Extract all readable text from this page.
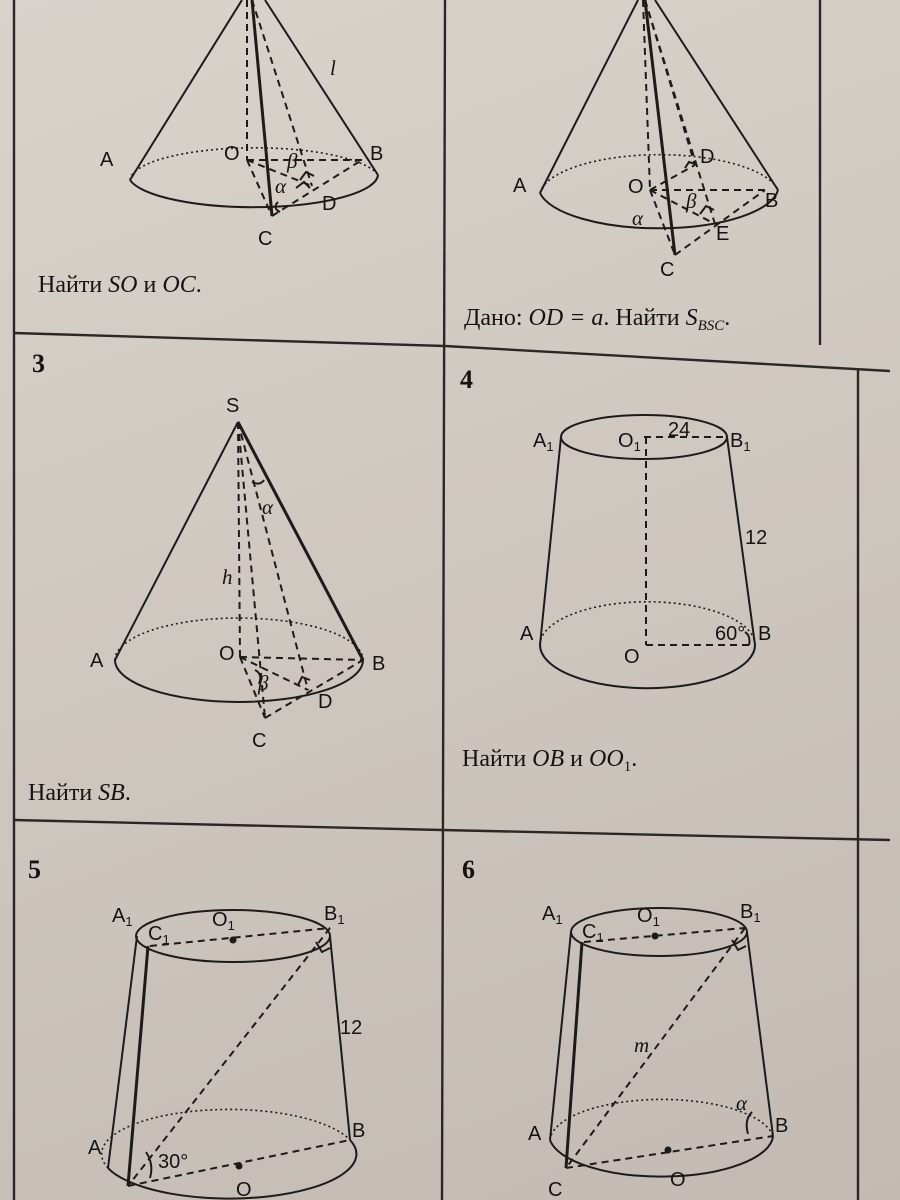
A	B
C
D
O
l
α
β
Найти SO и OC.
A
B
C
D
E
O
α
β
Дано: OD = a. Найти $S_{BSC}$.
3
S
A	B
C
D
O
h
α
β
Найти SB.
4
$A_1$	$O_1$	$B_1$
A	B
O
24
12
60°
Найти OB и $OO_1$.
5
$A_1$
$C_1$
$O_1$
$B_1$
A
B
O
12
30°
6
$A_1$
$C_1$
$O_1$	$B_1$
A	B
C	O
m
α
